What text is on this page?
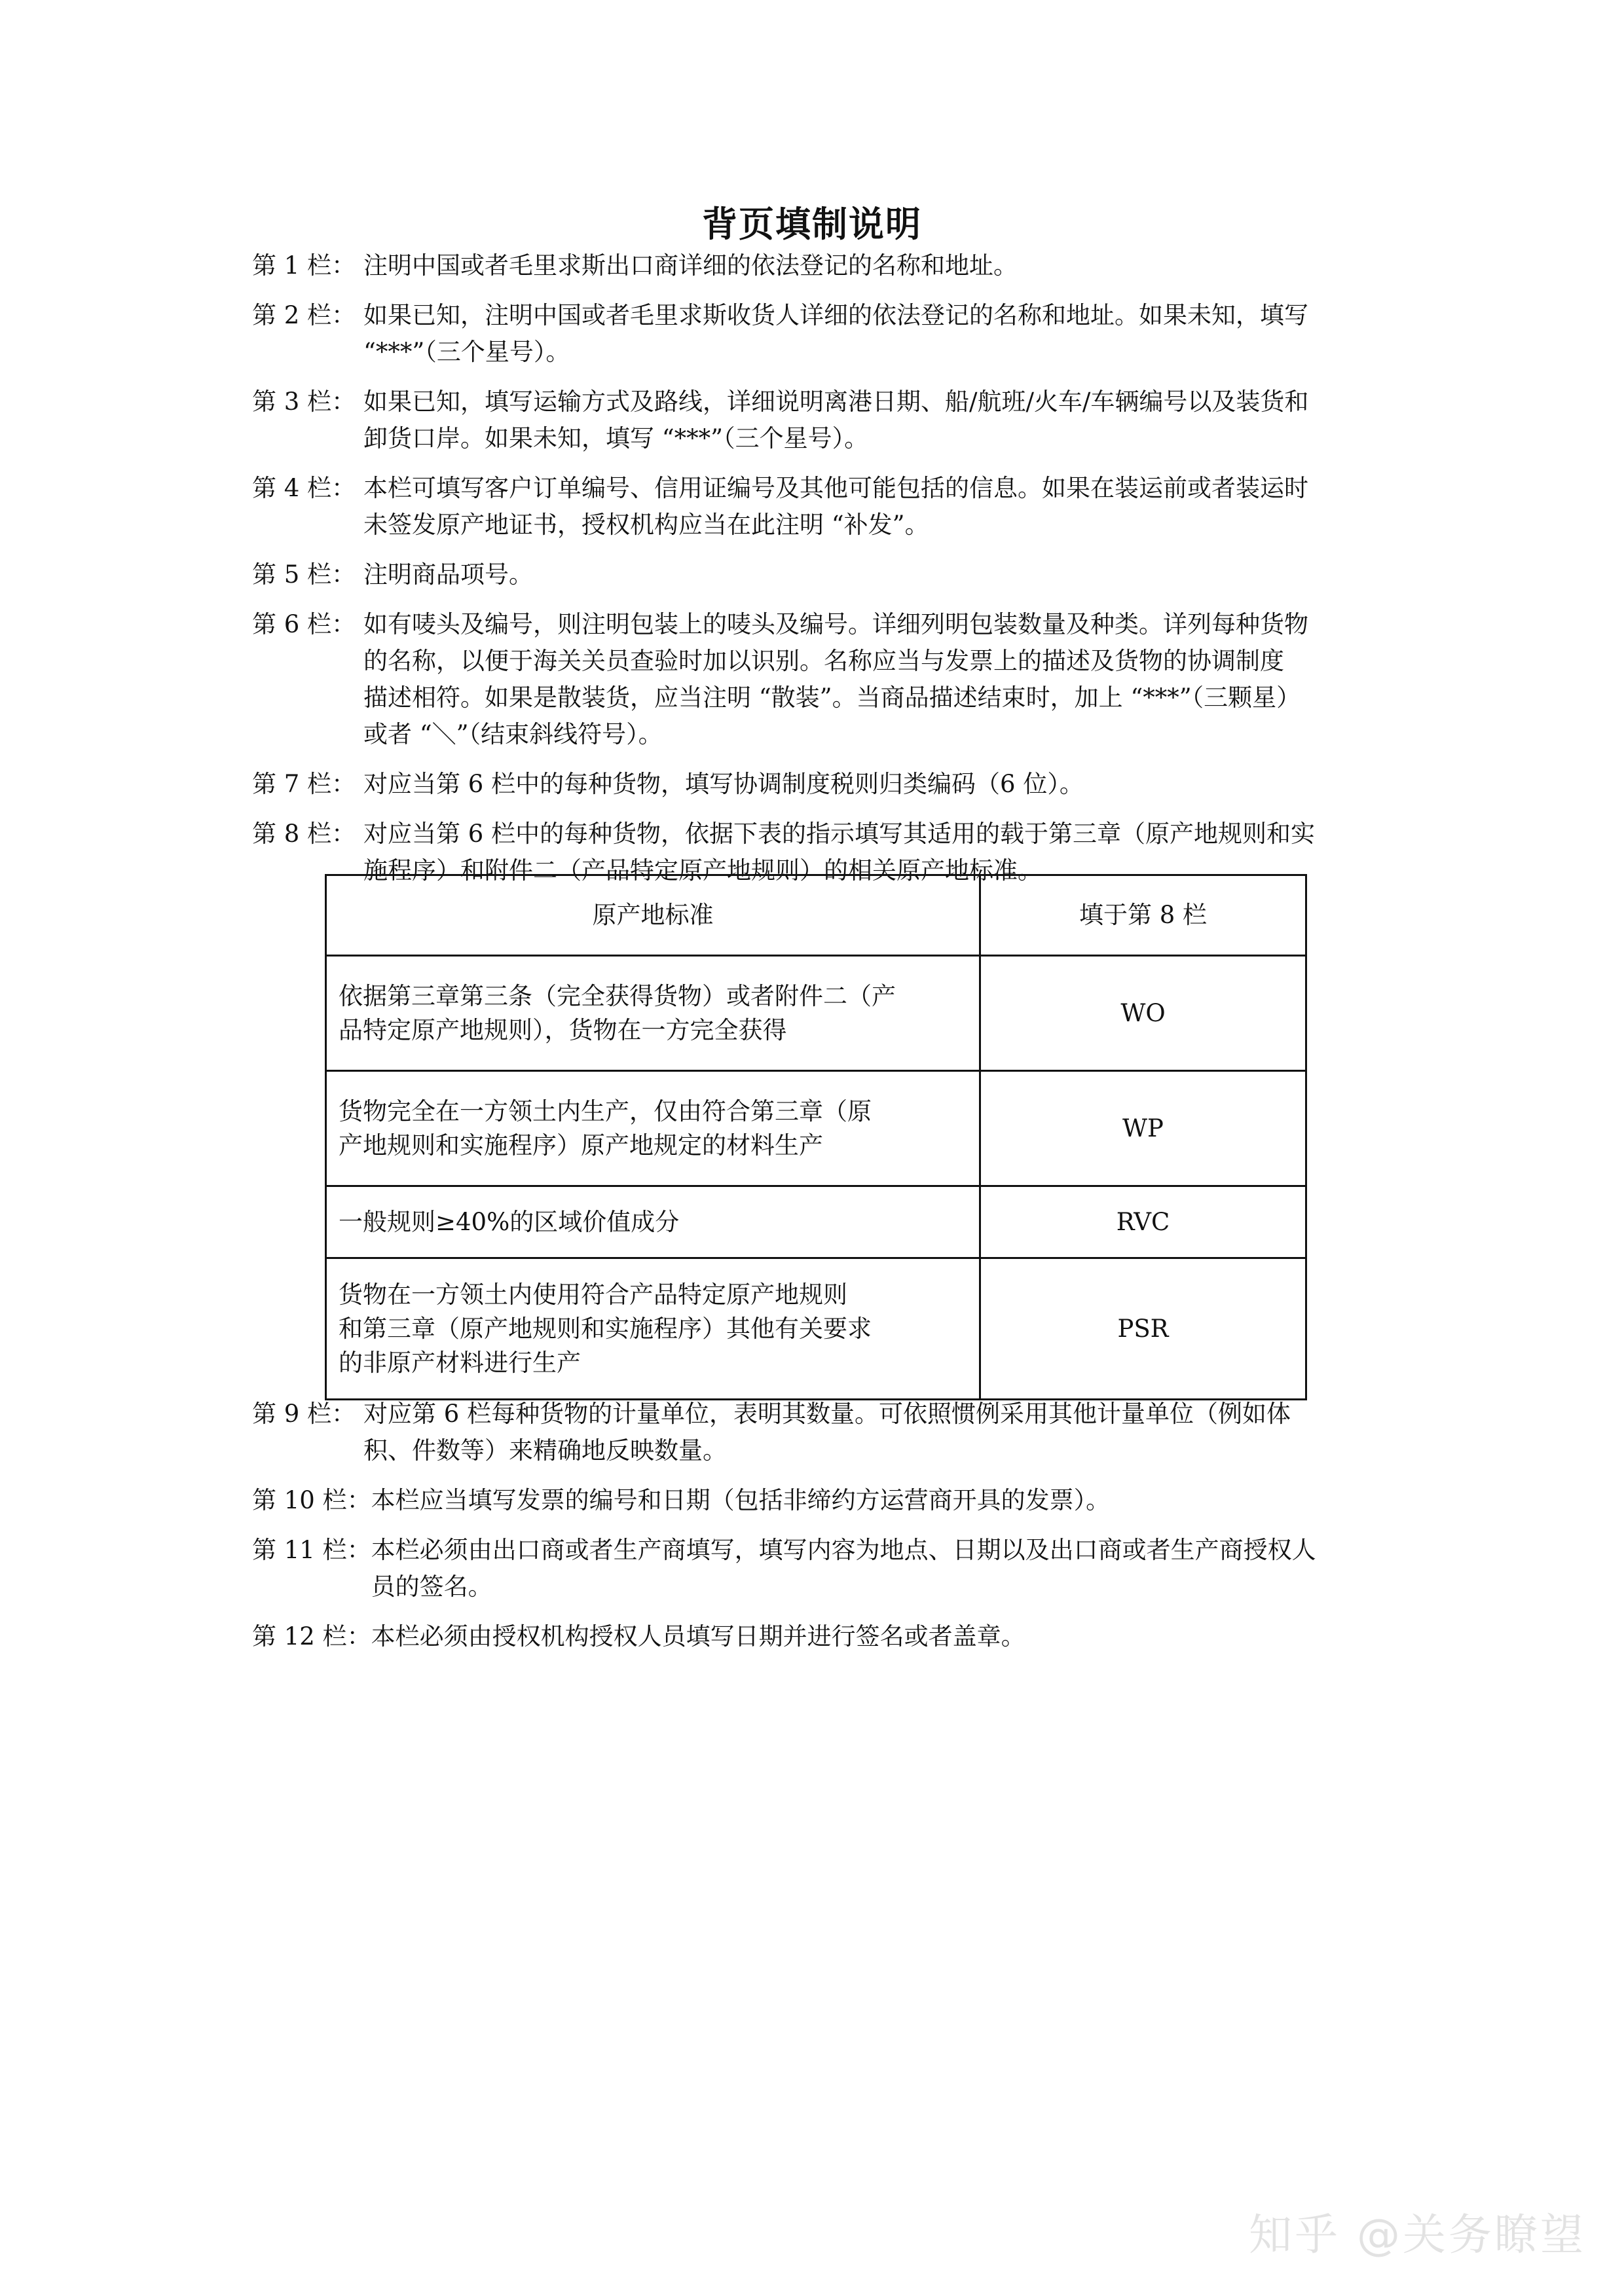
背页填制说明
第 1 栏： 注明中国或者毛里求斯出口商详细的依法登记的名称和地址。
第 2 栏： 如果已知，注明中国或者毛里求斯收货人详细的依法登记的名称和地址。如果未知，填写
“***”（三个星号）。
第 3 栏： 如果已知，填写运输方式及路线，详细说明离港日期、船/航班/火车/车辆编号以及装货和
卸货口岸。如果未知，填写 “***”（三个星号）。
第 4 栏： 本栏可填写客户订单编号、信用证编号及其他可能包括的信息。如果在装运前或者装运时
未签发原产地证书，授权机构应当在此注明 “补发”。
第 5 栏： 注明商品项号。
第 6 栏： 如有唛头及编号，则注明包装上的唛头及编号。详细列明包装数量及种类。详列每种货物
的名称，以便于海关关员查验时加以识别。名称应当与发票上的描述及货物的协调制度
描述相符。如果是散装货，应当注明 “散装”。当商品描述结束时，加上 “***”（三颗星）
或者 “＼”（结束斜线符号）。
第 7 栏： 对应当第 6 栏中的每种货物，填写协调制度税则归类编码（6 位）。
第 8 栏： 对应当第 6 栏中的每种货物，依据下表的指示填写其适用的载于第三章（原产地规则和实
施程序）和附件二（产品特定原产地规则）的相关原产地标准。
原产地标准	填于第 8 栏
依据第三章第三条（完全获得货物）或者附件二（产
品特定原产地规则），货物在一方完全获得	WO
货物完全在一方领土内生产，仅由符合第三章（原
产地规则和实施程序）原产地规定的材料生产	WP
一般规则≥40%的区域价值成分	RVC
货物在一方领土内使用符合产品特定原产地规则
和第三章（原产地规则和实施程序）其他有关要求
的非原产材料进行生产	PSR
第 9 栏： 对应第 6 栏每种货物的计量单位，表明其数量。可依照惯例采用其他计量单位（例如体
积、件数等）来精确地反映数量。
第 10 栏： 本栏应当填写发票的编号和日期（包括非缔约方运营商开具的发票）。
第 11 栏： 本栏必须由出口商或者生产商填写，填写内容为地点、日期以及出口商或者生产商授权人
员的签名。
第 12 栏： 本栏必须由授权机构授权人员填写日期并进行签名或者盖章。
知乎 @关务瞭望
